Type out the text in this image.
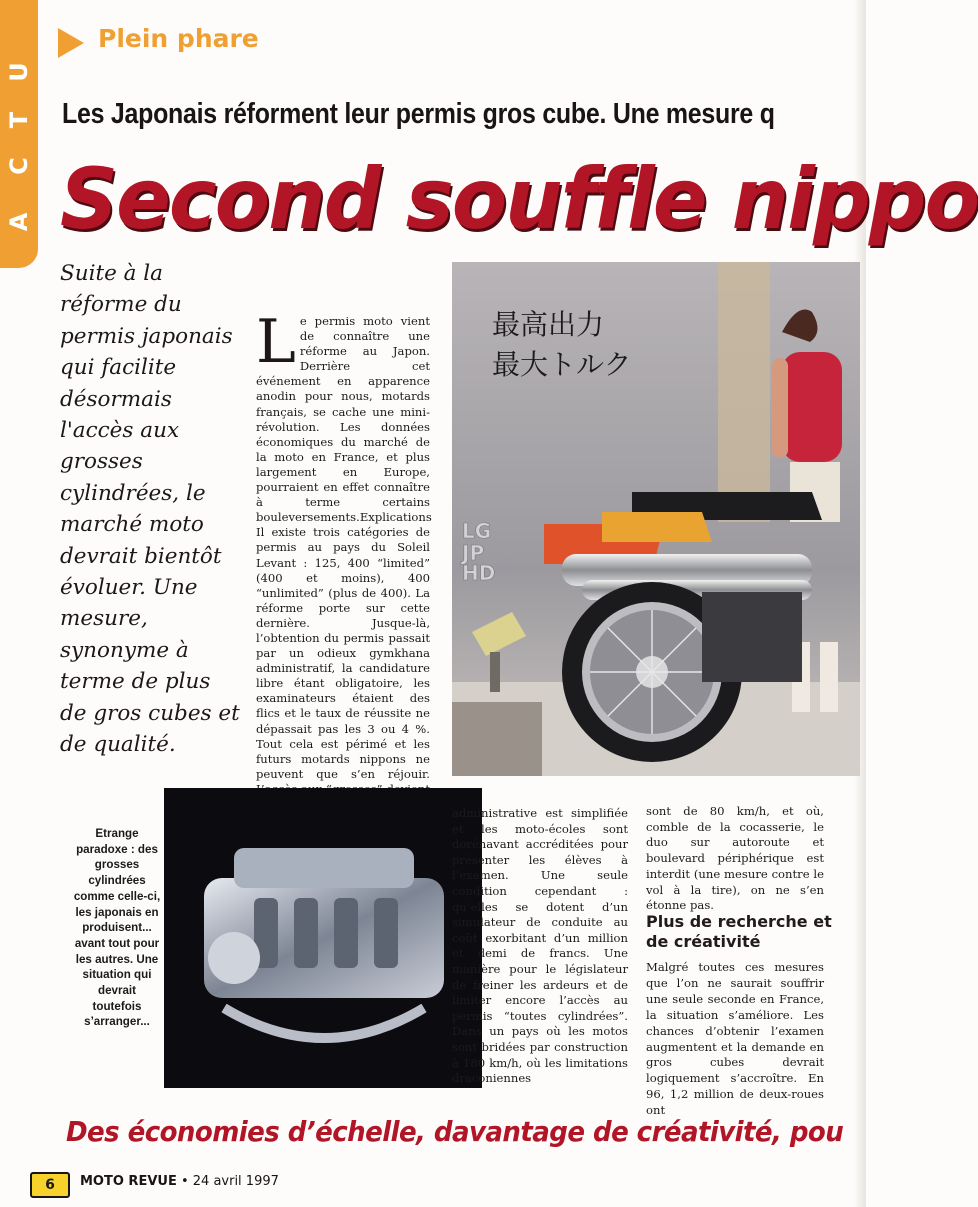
A
C
T
U
Plein phare
Les Japonais réforment leur permis gros cube. Une mesure q
Second souffle nippo
Suite à la réforme du permis japonais qui facilite désormais l'accès aux grosses cylindrées, le marché moto devrait bientôt évoluer. Une mesure, synonyme à terme de plus de gros cubes et de qualité.
L e permis moto vient de connaître une réforme au Japon. Derrière cet événement en apparence anodin pour nous, motards français, se cache une mini-révolution. Les données économiques du marché de la moto en France, et plus largement en Europe, pourraient en effet connaître à terme certains bouleversements.Explications

Il existe trois catégories de permis au pays du Soleil Levant : 125, 400 “limited” (400 et moins), 400 “unlimited” (plus de 400). La réforme porte sur cette dernière. Jusque-là, l’obtention du permis passait par un odieux gymkhana administratif, la candidature libre étant obligatoire, les examinateurs étaient des flics et le taux de réussite ne dépassait pas les 3 ou 4 %. Tout cela est périmé et les futurs motards nippons ne peuvent que s’en réjouir.

最高出力
最大トルク
LG
JP
HD
Etrange paradoxe : des grosses cylindrées comme celle-ci, les japonais en produisent... avant tout pour les autres. Une situation qui devrait toutefois s’arranger...

administrative est simplifiée et les moto-écoles sont dorénavant accréditées pour présenter les élèves à l’examen. Une seule condition cependant : qu’elles se dotent d’un simulateur de conduite au coût exorbitant d’un million et demi de francs. Une manière pour le législateur de freiner les ardeurs et de limiter encore l’accès au permis “toutes cylindrées”. Dans un pays où les motos sont bridées par construction à 180 km/h, où les limitations draconiennes

sont de 80 km/h, et où, comble de la cocasserie, le duo sur autoroute et boulevard périphérique est interdit (une mesure contre le vol à la tire), on ne s’en étonne pas.

Plus de recherche et de créativité

Malgré toutes ces mesures que l’on ne saurait souffrir une seule seconde en France, la situation s’améliore. Les chances d’obtenir l’examen augmentent et la demande en gros cubes devrait logiquement s’accroître. En 96, 1,2 million de deux-roues ont

Des économies d’échelle, davantage de créativité, pou
6	MOTO REVUE • 24 avril 1997
